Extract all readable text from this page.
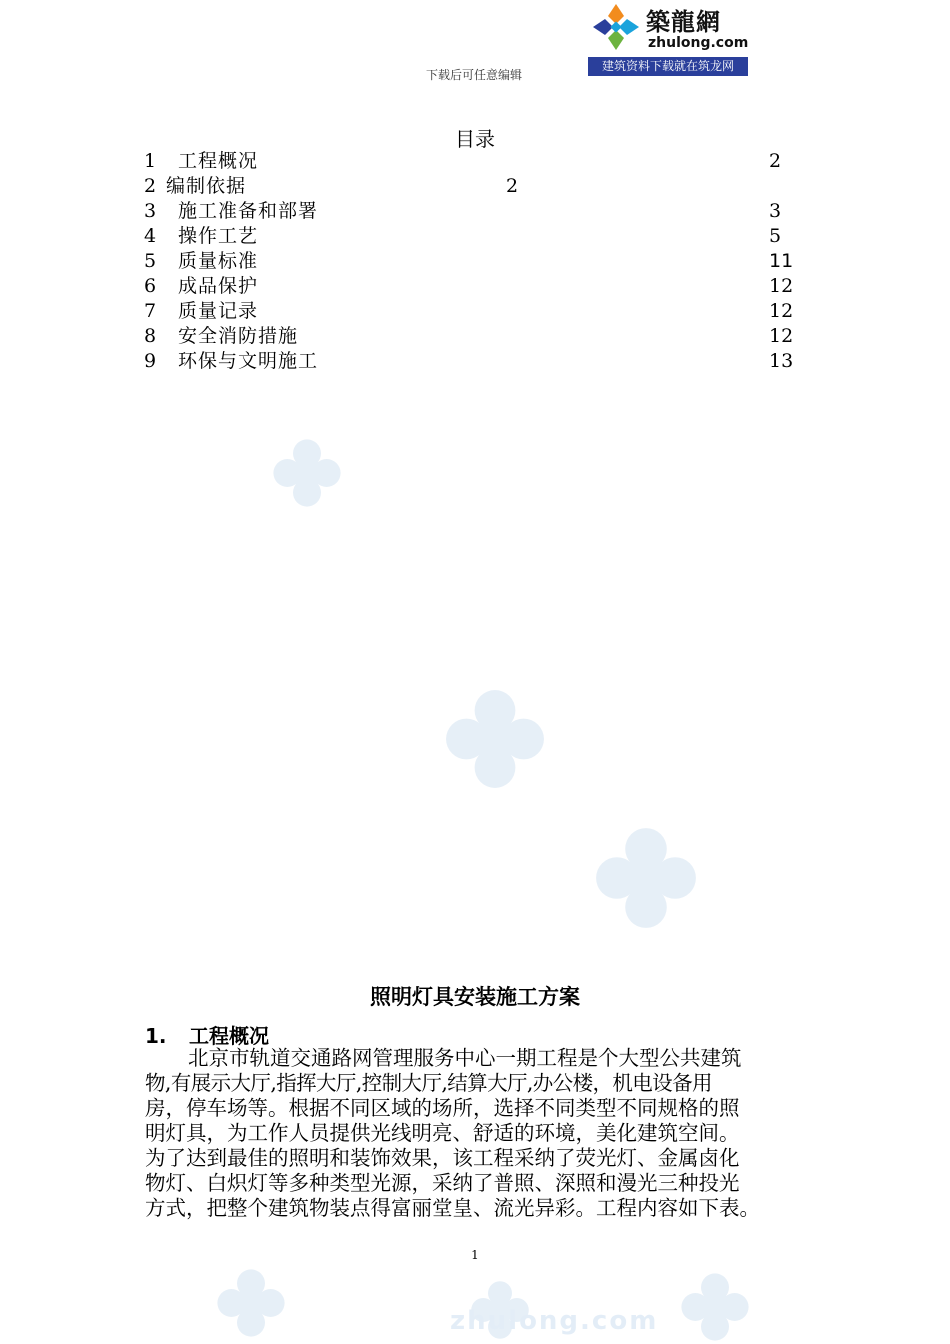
zhulong.com
下载后可任意编辑
築龍網
zhulong.com
建筑资料下载就在筑龙网
目录
1 工程概况	2
2 编制依据	2
3 施工准备和部署	3
4 操作工艺	5
5 质量标准	11
6 成品保护	12
7 质量记录	12
8 安全消防措施	12
9 环保与文明施工	13
照明灯具安装施工方案
1. 工程概况
北京市轨道交通路网管理服务中心一期工程是个大型公共建筑
物,有展示大厅,指挥大厅,控制大厅,结算大厅,办公楼，机电设备用
房，停车场等。根据不同区域的场所，选择不同类型不同规格的照
明灯具，为工作人员提供光线明亮、舒适的环境，美化建筑空间。
为了达到最佳的照明和装饰效果，该工程采纳了荧光灯、金属卤化
物灯、白炽灯等多种类型光源，采纳了普照、深照和漫光三种投光
方式，把整个建筑物装点得富丽堂皇、流光异彩。工程内容如下表。
1
